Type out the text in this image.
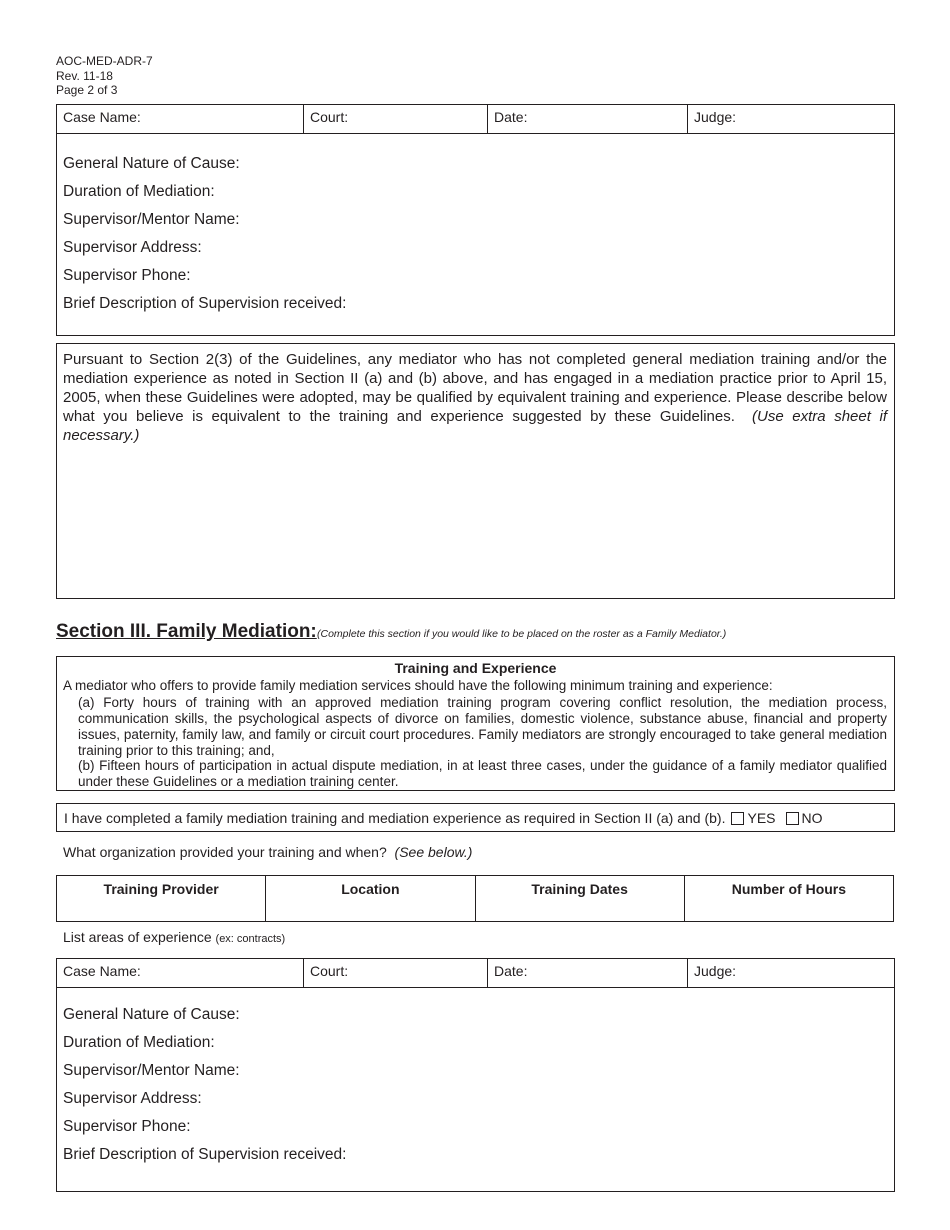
AOC-MED-ADR-7
Rev. 11-18
Page 2 of 3
Case Name:	Court:	Date:	Judge:
General Nature of Cause:
Duration of Mediation:
Supervisor/Mentor Name:
Supervisor Address:
Supervisor Phone:
Brief Description of Supervision received:
Pursuant to Section 2(3) of the Guidelines, any mediator who has not completed general mediation training and/or the mediation experience as noted in Section II (a) and (b) above, and has engaged in a mediation practice prior to April 15, 2005, when these Guidelines were adopted, may be qualified by equivalent training and experience. Please describe below what you believe is equivalent to the training and experience suggested by these Guidelines. (Use extra sheet if necessary.)
Section III. Family Mediation: (Complete this section if you would like to be placed on the roster as a Family Mediator.)
Training and Experience
A mediator who offers to provide family mediation services should have the following minimum training and experience:
(a) Forty hours of training with an approved mediation training program covering conflict resolution, the mediation process, communication skills, the psychological aspects of divorce on families, domestic violence, substance abuse, financial and property issues, paternity, family law, and family or circuit court procedures. Family mediators are strongly encouraged to take general mediation training prior to this training; and,
(b) Fifteen hours of participation in actual dispute mediation, in at least three cases, under the guidance of a family mediator qualified under these Guidelines or a mediation training center.
I have completed a family mediation training and mediation experience as required in Section II (a) and (b). YES NO
What organization provided your training and when? (See below.)
Training Provider	Location	Training Dates	Number of Hours
List areas of experience (ex: contracts)
Case Name:	Court:	Date:	Judge:
General Nature of Cause:
Duration of Mediation:
Supervisor/Mentor Name:
Supervisor Address:
Supervisor Phone:
Brief Description of Supervision received:
